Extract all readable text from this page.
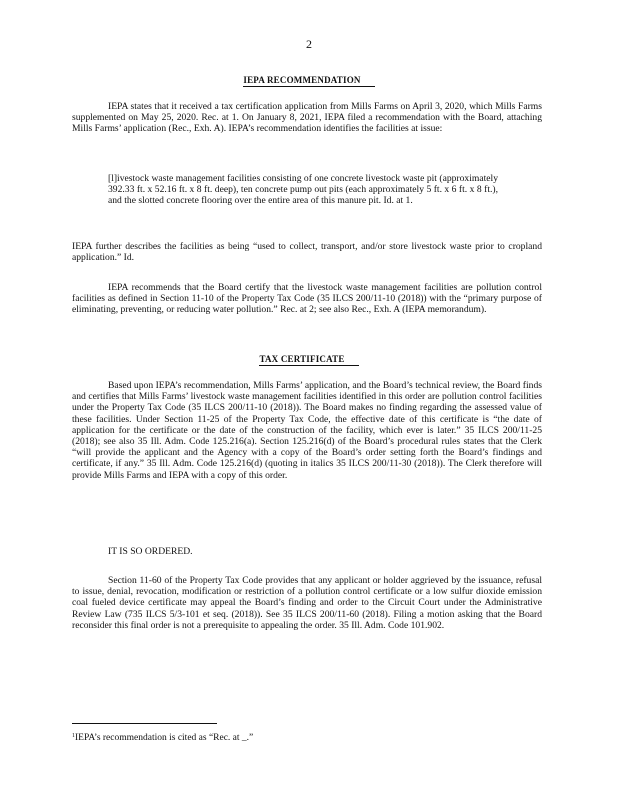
2
IEPA RECOMMENDATION

IEPA states that it received a tax certification application from Mills Farms on April 3, 2020, which Mills Farms supplemented on May 25, 2020. Rec. at 1. On January 8, 2021, IEPA filed a recommendation with the Board, attaching Mills Farms’ application (Rec., Exh. A). IEPA’s recommendation identifies the facilities at issue:

[l]ivestock waste management facilities consisting of one concrete livestock waste pit (approximately 392.33 ft. x 52.16 ft. x 8 ft. deep), ten concrete pump out pits (each approximately 5 ft. x 6 ft. x 8 ft.), and the slotted concrete flooring over the entire area of this manure pit. Id. at 1.

IEPA further describes the facilities as being “used to collect, transport, and/or store livestock waste prior to cropland application.” Id.

IEPA recommends that the Board certify that the livestock waste management facilities are pollution control facilities as defined in Section 11-10 of the Property Tax Code (35 ILCS 200/11-10 (2018)) with the “primary purpose of eliminating, preventing, or reducing water pollution.” Rec. at 2; see also Rec., Exh. A (IEPA memorandum).

TAX CERTIFICATE

Based upon IEPA’s recommendation, Mills Farms’ application, and the Board’s technical review, the Board finds and certifies that Mills Farms’ livestock waste management facilities identified in this order are pollution control facilities under the Property Tax Code (35 ILCS 200/11-10 (2018)). The Board makes no finding regarding the assessed value of these facilities. Under Section 11-25 of the Property Tax Code, the effective date of this certificate is “the date of application for the certificate or the date of the construction of the facility, which ever is later.” 35 ILCS 200/11-25 (2018); see also 35 Ill. Adm. Code 125.216(a). Section 125.216(d) of the Board’s procedural rules states that the Clerk “will provide the applicant and the Agency with a copy of the Board’s order setting forth the Board’s findings and certificate, if any.” 35 Ill. Adm. Code 125.216(d) (quoting in italics 35 ILCS 200/11-30 (2018)). The Clerk therefore will provide Mills Farms and IEPA with a copy of this order.

IT IS SO ORDERED.

Section 11-60 of the Property Tax Code provides that any applicant or holder aggrieved by the issuance, refusal to issue, denial, revocation, modification or restriction of a pollution control certificate or a low sulfur dioxide emission coal fueled device certificate may appeal the Board’s finding and order to the Circuit Court under the Administrative Review Law (735 ILCS 5/3-101 et seq. (2018)). See 35 ILCS 200/11-60 (2018). Filing a motion asking that the Board reconsider this final order is not a prerequisite to appealing the order. 35 Ill. Adm. Code 101.902.

$^1$IEPA’s recommendation is cited as “Rec. at _.”
